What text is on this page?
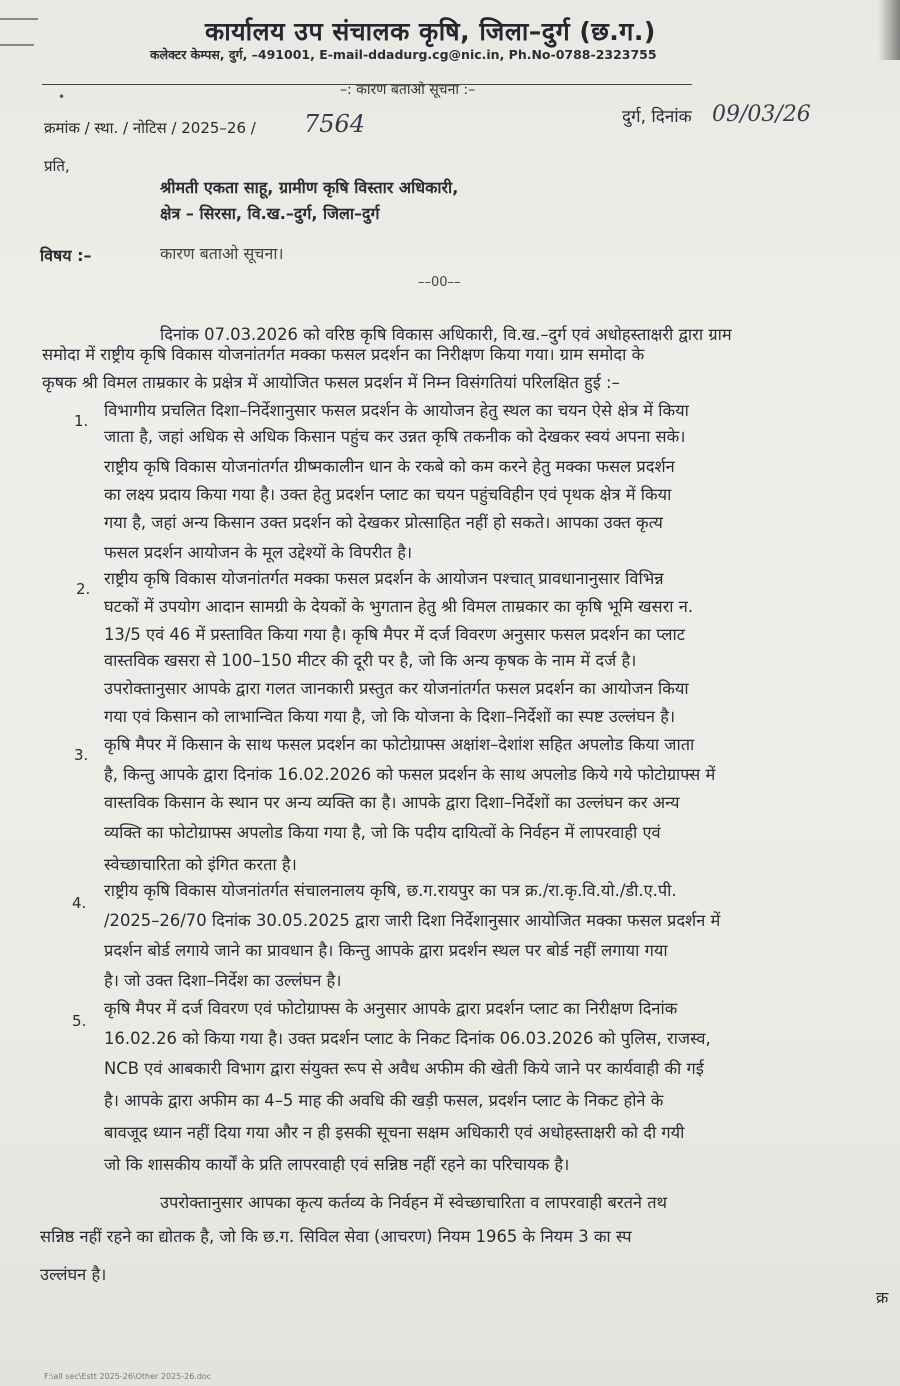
कार्यालय उप संचालक कृषि, जिला–दुर्ग (छ.ग.)
कलेक्टर केम्पस, दुर्ग, –491001, E-mail-ddadurg.cg@nic.in, Ph.No-0788-2323755
–: कारण बताओ सूचना :–
•
क्रमांक / स्था. / नोटिस / 2025–26 / 7564	दुर्ग, दिनांक 09/03/26
प्रति,
श्रीमती एकता साहू, ग्रामीण कृषि विस्तार अधिकारी,
क्षेत्र – सिरसा, वि.ख.–दुर्ग, जिला–दुर्ग
विषय :–	कारण बताओ सूचना।
––00––
दिनांक 07.03.2026 को वरिष्ठ कृषि विकास अधिकारी, वि.ख.–दुर्ग एवं अधोहस्ताक्षरी द्वारा ग्राम
समोदा में राष्ट्रीय कृषि विकास योजनांतर्गत मक्का फसल प्रदर्शन का निरीक्षण किया गया। ग्राम समोदा के
कृषक श्री विमल ताम्रकार के प्रक्षेत्र में आयोजित फसल प्रदर्शन में निम्न विसंगतियां परिलक्षित हुई :–
1.
विभागीय प्रचलित दिशा–निर्देशानुसार फसल प्रदर्शन के आयोजन हेतु स्थल का चयन ऐसे क्षेत्र में किया
जाता है, जहां अधिक से अधिक किसान पहुंच कर उन्नत कृषि तकनीक को देखकर स्वयं अपना सके।
राष्ट्रीय कृषि विकास योजनांतर्गत ग्रीष्मकालीन धान के रकबे को कम करने हेतु मक्का फसल प्रदर्शन
का लक्ष्य प्रदाय किया गया है। उक्त हेतु प्रदर्शन प्लाट का चयन पहुंचविहीन एवं पृथक क्षेत्र में किया
गया है, जहां अन्य किसान उक्त प्रदर्शन को देखकर प्रोत्साहित नहीं हो सकते। आपका उक्त कृत्य
फसल प्रदर्शन आयोजन के मूल उद्देश्यों के विपरीत है।
2.
राष्ट्रीय कृषि विकास योजनांतर्गत मक्का फसल प्रदर्शन के आयोजन पश्चात् प्रावधानानुसार विभिन्न
घटकों में उपयोग आदान सामग्री के देयकों के भुगतान हेतु श्री विमल ताम्रकार का कृषि भूमि खसरा न.
13/5 एवं 46 में प्रस्तावित किया गया है। कृषि मैपर में दर्ज विवरण अनुसार फसल प्रदर्शन का प्लाट
वास्तविक खसरा से 100–150 मीटर की दूरी पर है, जो कि अन्य कृषक के नाम में दर्ज है।
उपरोक्तानुसार आपके द्वारा गलत जानकारी प्रस्तुत कर योजनांतर्गत फसल प्रदर्शन का आयोजन किया
गया एवं किसान को लाभान्वित किया गया है, जो कि योजना के दिशा–निर्देशों का स्पष्ट उल्लंघन है।
3.
कृषि मैपर में किसान के साथ फसल प्रदर्शन का फोटोग्राफ्स अक्षांश–देशांश सहित अपलोड किया जाता
है, किन्तु आपके द्वारा दिनांक 16.02.2026 को फसल प्रदर्शन के साथ अपलोड किये गये फोटोग्राफ्स में
वास्तविक किसान के स्थान पर अन्य व्यक्ति का है। आपके द्वारा दिशा–निर्देशों का उल्लंघन कर अन्य
व्यक्ति का फोटोग्राफ्स अपलोड किया गया है, जो कि पदीय दायित्वों के निर्वहन में लापरवाही एवं
स्वेच्छाचारिता को इंगित करता है।
4.
राष्ट्रीय कृषि विकास योजनांतर्गत संचालनालय कृषि, छ.ग.रायपुर का पत्र क्र./रा.कृ.वि.यो./डी.ए.पी.
/2025–26/70 दिनांक 30.05.2025 द्वारा जारी दिशा निर्देशानुसार आयोजित मक्का फसल प्रदर्शन में
प्रदर्शन बोर्ड लगाये जाने का प्रावधान है। किन्तु आपके द्वारा प्रदर्शन स्थल पर बोर्ड नहीं लगाया गया
है। जो उक्त दिशा–निर्देश का उल्लंघन है।
5.
कृषि मैपर में दर्ज विवरण एवं फोटोग्राफ्स के अनुसार आपके द्वारा प्रदर्शन प्लाट का निरीक्षण दिनांक
16.02.26 को किया गया है। उक्त प्रदर्शन प्लाट के निकट दिनांक 06.03.2026 को पुलिस, राजस्व,
NCB एवं आबकारी विभाग द्वारा संयुक्त रूप से अवैध अफीम की खेती किये जाने पर कार्यवाही की गई
है। आपके द्वारा अफीम का 4–5 माह की अवधि की खड़ी फसल, प्रदर्शन प्लाट के निकट होने के
बावजूद ध्यान नहीं दिया गया और न ही इसकी सूचना सक्षम अधिकारी एवं अधोहस्ताक्षरी को दी गयी
जो कि शासकीय कार्यों के प्रति लापरवाही एवं सन्निष्ठ नहीं रहने का परिचायक है।
उपरोक्तानुसार आपका कृत्य कर्तव्य के निर्वहन में स्वेच्छाचारिता व लापरवाही बरतने तथ
सन्निष्ठ नहीं रहने का द्योतक है, जो कि छ.ग. सिविल सेवा (आचरण) नियम 1965 के नियम 3 का स्प
उल्लंघन है।
क्र
F:\all sec\Estt 2025-26\Other 2025-26.doc
